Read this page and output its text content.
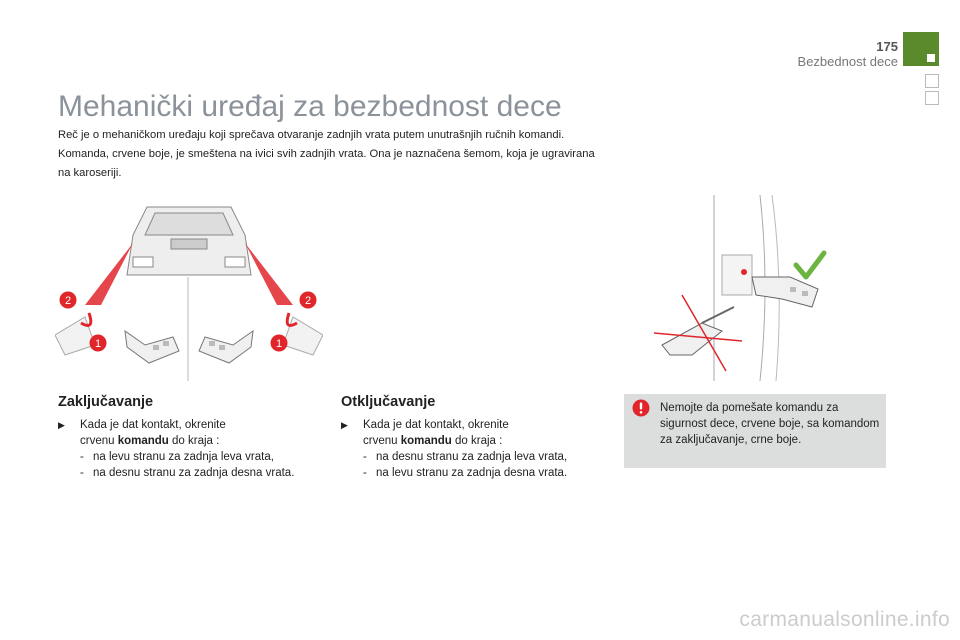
175
Bezbednost dece
Mehanički uređaj za bezbednost dece

Reč je o mehaničkom uređaju koji sprečava otvaranje zadnjih vrata putem unutrašnjih ručnih komandi. Komanda, crvene boje, je smeštena na ivici svih zadnjih vrata. Ona je naznačena šemom, koja je ugravirana na karoseriji.

2	2
1	1
Zaključavanje
▶ Kada je dat kontakt, okrenite
crvenu komandu do kraja :
- na levu stranu za zadnja leva vrata,
- na desnu stranu za zadnja desna vrata.
Otključavanje
▶ Kada je dat kontakt, okrenite
crvenu komandu do kraja :
- na desnu stranu za zadnja leva vrata,
- na levu stranu za zadnja desna vrata.
Nemojte da pomešate komandu za sigurnost dece, crvene boje, sa komandom za zaključavanje, crne boje.
carmanualsonline.info
